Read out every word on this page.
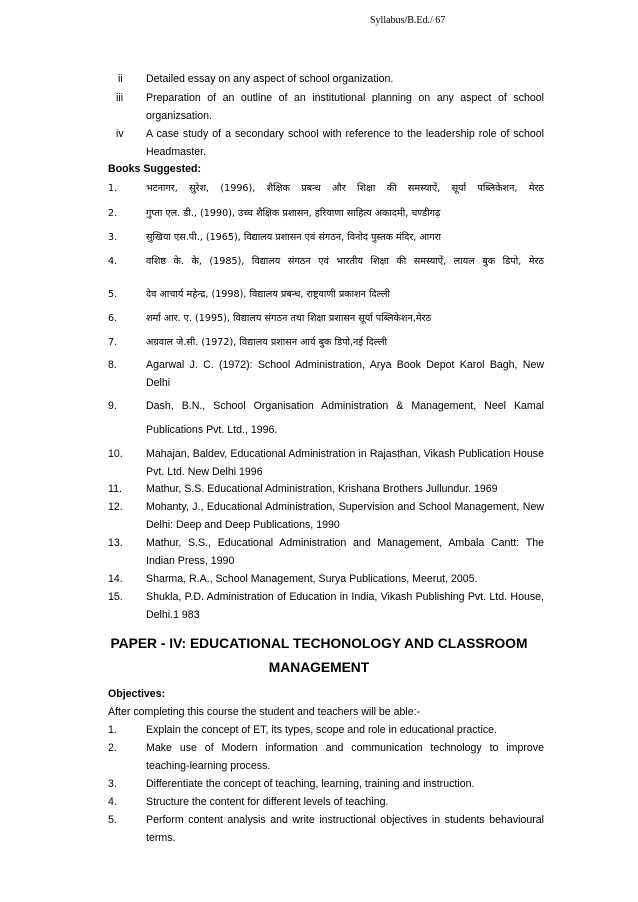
Syllabus/B.Ed./ 67
ii Detailed essay on any aspect of school organization.
iii Preparation of an outline of an institutional planning on any aspect of school
organizsation.
iv A case study of a secondary school with reference to the leadership role of school
Headmaster.
Books Suggested:
1.	भटनागर, सुरेश, (1996), शैक्षिक प्रबन्ध और शिक्षा की समस्याऐं, सूर्या पब्लिकेशन, मेरठ
2.	गुप्ता एल. डी., (1990), उच्च शैक्षिक प्रशासन, हरियाणा साहित्य अकादमी, चण्डीगढ़
3.	सुखिया एस.पी., (1965), विद्यालय प्रशासन एवं संगठन, विनोद पुस्तक मंदिर, आगरा
4.	वशिष्ठ के. के, (1985), विद्यालय संगठन एवं भारतीय शिक्षा की समस्याऐं, लायल बुक डिपो, मेरठ
5.	देव आचार्य महेन्द्र, (1998), विद्यालय प्रबन्ध, राष्ट्रवाणी प्रकाशन दिल्ली
6.	शर्मा आर. ए. (1995), विद्यालय संगठन तथा शिक्षा प्रशासन सूर्या पब्लिकेशन,मेरठ
7.	अग्रवाल जे.सी. (1972), विद्यालय प्रशासन आर्य बुक डिपो,नई दिल्ली
8.	Agarwal J. C. (1972): School Administration, Arya Book Depot Karol Bagh, New
Delhi
9.	Dash, B.N., School Organisation Administration & Management, Neel Kamal
Publications Pvt. Ltd., 1996.
10. Mahajan, Baldev, Educational Administration in Rajasthan, Vikash Publication House
Pvt. Ltd. New Delhi 1996
11. Mathur, S.S. Educational Administration, Krishana Brothers Jullundur. 1969
12. Mohanty, J., Educational Administration, Supervision and School Management, New
Delhi: Deep and Deep Publications, 1990
13. Mathur, S.S., Educational Administration and Management, Ambala Cantt: The
Indian Press, 1990
14. Sharma, R.A., School Management, Surya Publications, Meerut, 2005.
15. Shukla, P.D. Administration of Education in India, Vikash Publishing Pvt. Ltd. House,
Delhi.1 983
PAPER - IV: EDUCATIONAL TECHONOLOGY AND CLASSROOM
MANAGEMENT
Objectives:
After completing this course the student and teachers will be able:-
1.	Explain the concept of ET, its types, scope and role in educational practice.
2.	Make use of Modern information and communication technology to improve
teaching-learning process.
3.	Differentiate the concept of teaching, learning, training and instruction.
4.	Structure the content for different levels of teaching.
5.	Perform content analysis and write instructional objectives in students behavioural
terms.
